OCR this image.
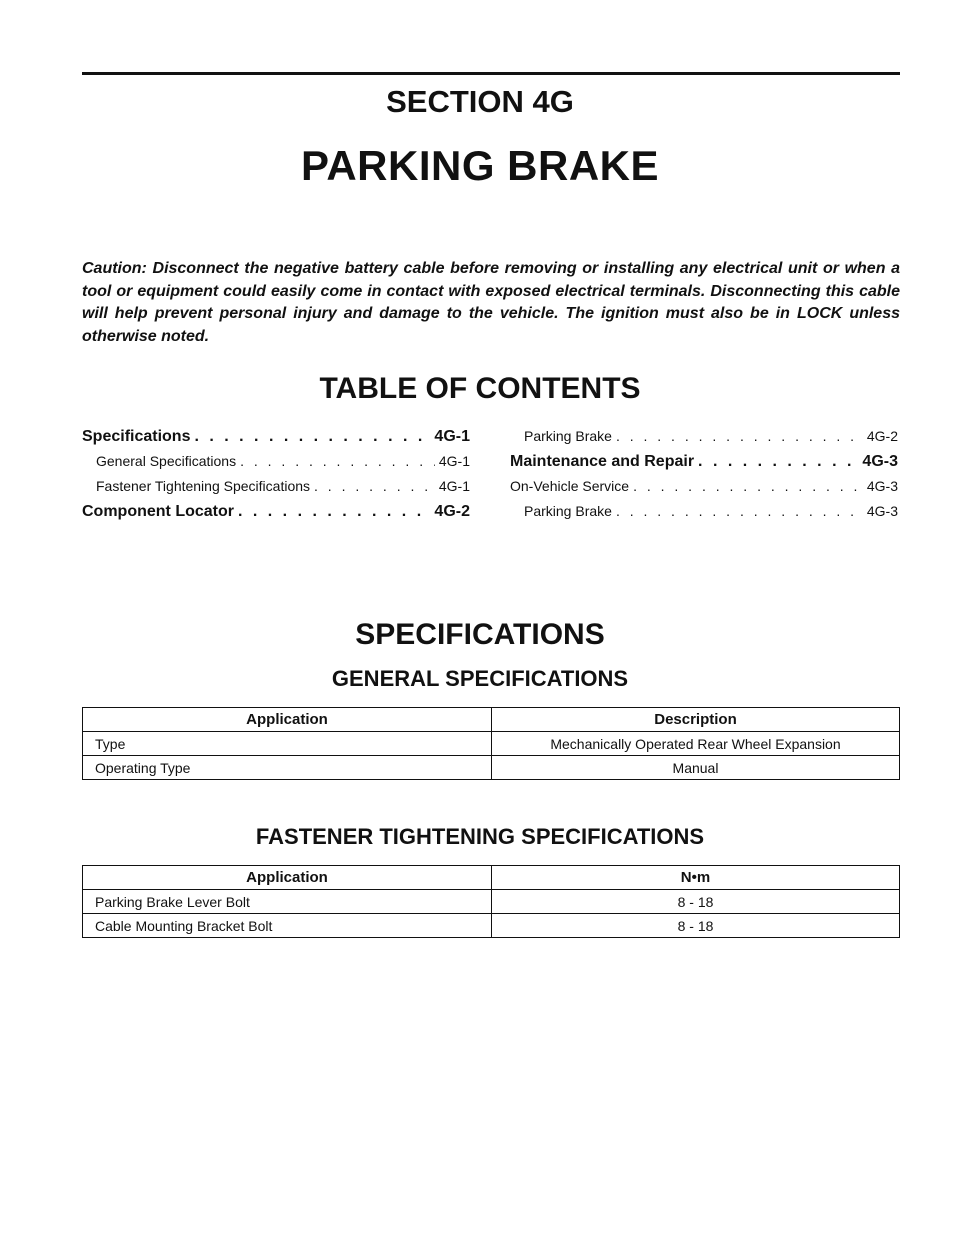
SECTION 4G
PARKING BRAKE

Caution: Disconnect the negative battery cable before removing or installing any electrical unit or when a tool or equipment could easily come in contact with exposed electrical terminals. Disconnecting this cable will help prevent personal injury and damage to the vehicle. The ignition must also be in LOCK unless otherwise noted.

TABLE OF CONTENTS
Specifications . . .	4G-1
General Specifications . . .	4G-1
Fastener Tightening Specifications . . .	4G-1
Component Locator . . .	4G-2
Parking Brake . . .	4G-2
Maintenance and Repair . . .	4G-3
On-Vehicle Service . . .	4G-3
Parking Brake . . .	4G-3
SPECIFICATIONS
GENERAL SPECIFICATIONS
Application	Description
Type	Mechanically Operated Rear Wheel Expansion
Operating Type	Manual
FASTENER TIGHTENING SPECIFICATIONS
Application	N•m
Parking Brake Lever Bolt	8 - 18
Cable Mounting Bracket Bolt	8 - 18
